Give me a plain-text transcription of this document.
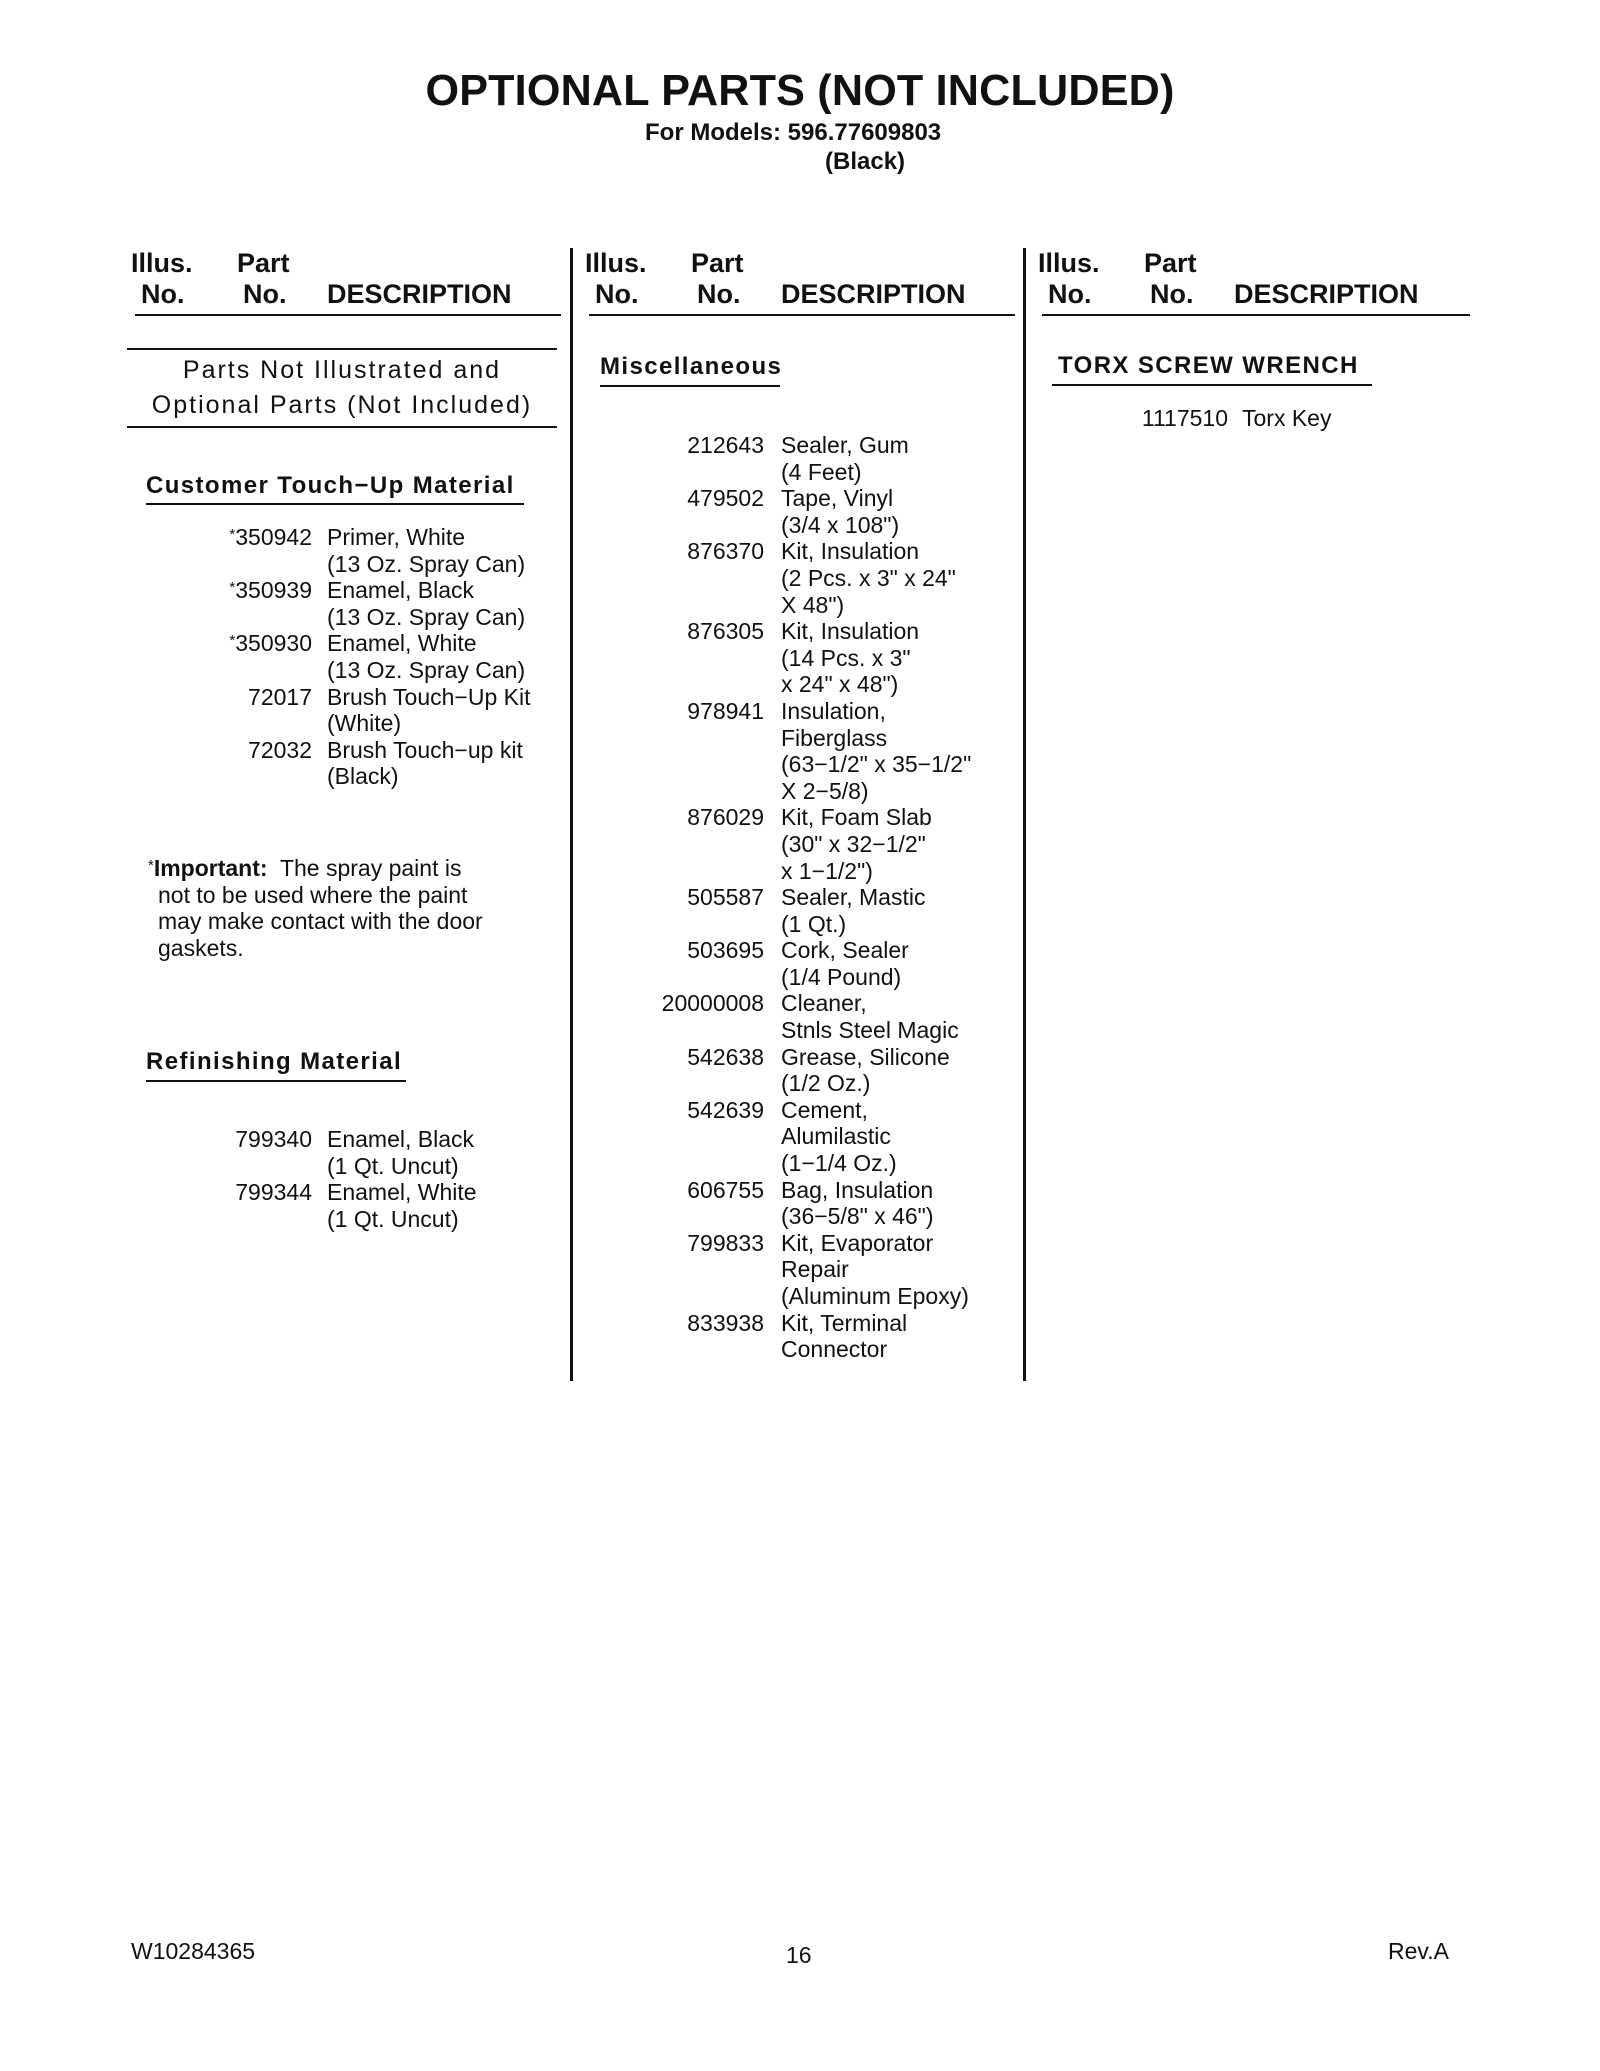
OPTIONAL PARTS (NOT INCLUDED)
For Models: 596.77609803
(Black)
Illus. Part
No. No. DESCRIPTION
Illus. Part
No. No. DESCRIPTION
Illus. Part
No. No. DESCRIPTION
Parts Not Illustrated and
Optional Parts (Not Included)
Customer Touch−Up Material
*350942 Primer, White
(13 Oz. Spray Can)
*350939 Enamel, Black
(13 Oz. Spray Can)
*350930 Enamel, White
(13 Oz. Spray Can)
72017 Brush Touch−Up Kit
(White)
72032 Brush Touch−up kit
(Black)
*Important: The spray paint is
not to be used where the paint
may make contact with the door
gaskets.
Refinishing Material
799340 Enamel, Black
(1 Qt. Uncut)
799344 Enamel, White
(1 Qt. Uncut)
Miscellaneous
212643 Sealer, Gum
(4 Feet)
479502 Tape, Vinyl
(3/4 x 108")
876370 Kit, Insulation
(2 Pcs. x 3" x 24"
X 48")
876305 Kit, Insulation
(14 Pcs. x 3"
x 24" x 48")
978941 Insulation,
Fiberglass
(63−1/2" x 35−1/2"
X 2−5/8)
876029 Kit, Foam Slab
(30" x 32−1/2"
x 1−1/2")
505587 Sealer, Mastic
(1 Qt.)
503695 Cork, Sealer
(1/4 Pound)
20000008 Cleaner,
Stnls Steel Magic
542638 Grease, Silicone
(1/2 Oz.)
542639 Cement,
Alumilastic
(1−1/4 Oz.)
606755 Bag, Insulation
(36−5/8" x 46")
799833 Kit, Evaporator
Repair
(Aluminum Epoxy)
833938 Kit, Terminal
Connector
TORX SCREW WRENCH
1117510 Torx Key
W10284365	16	Rev.A
